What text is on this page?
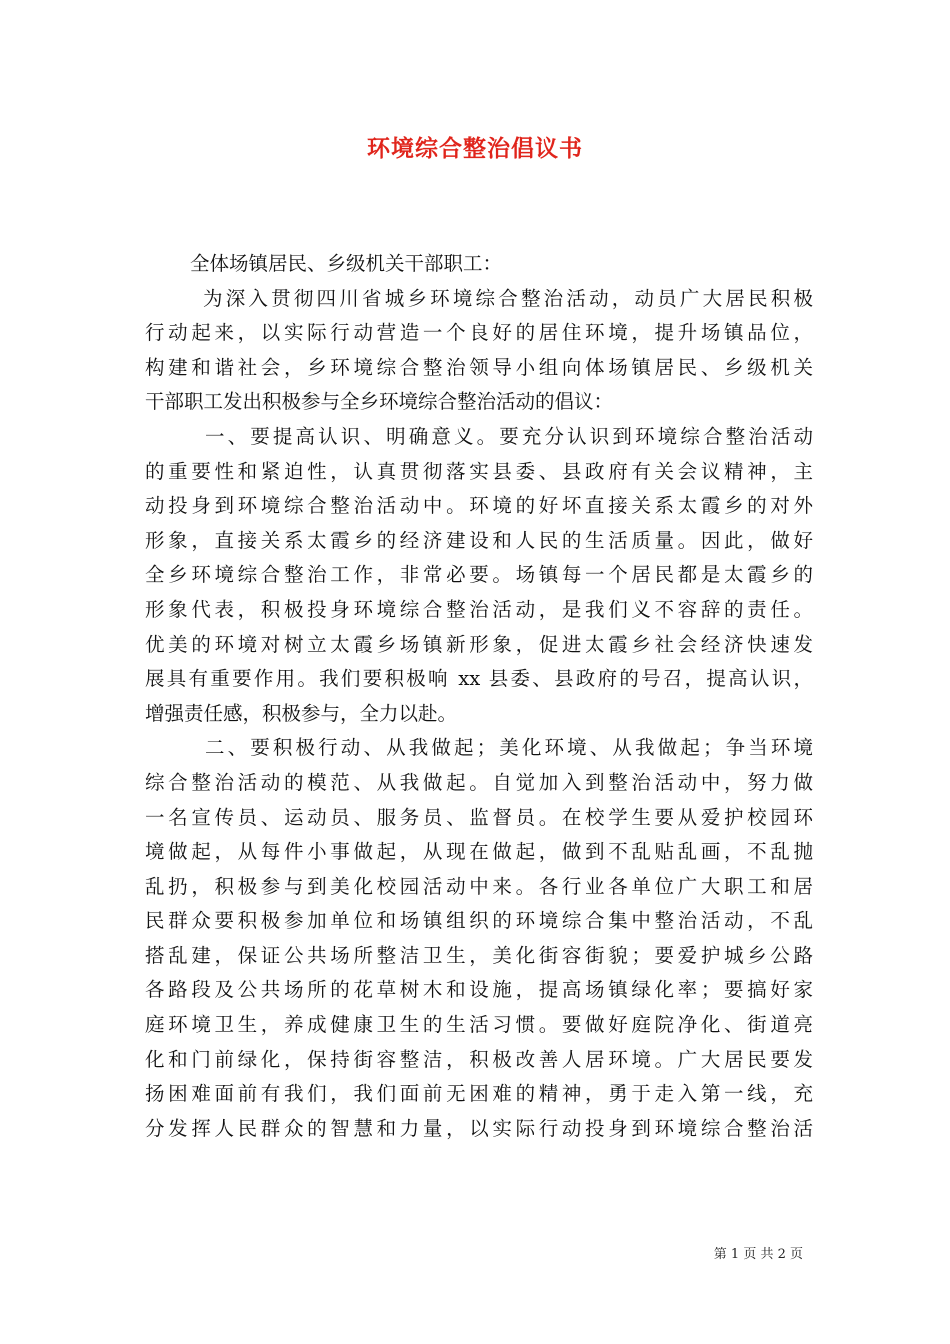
环境综合整治倡议书
全体场镇居民、乡级机关干部职工：
为深入贯彻四川省城乡环境综合整治活动，动员广大居民积极
行动起来，以实际行动营造一个良好的居住环境，提升场镇品位，
构建和谐社会，乡环境综合整治领导小组向体场镇居民、乡级机关
干部职工发出积极参与全乡环境综合整治活动的倡议：
一、要提高认识、明确意义。要充分认识到环境综合整治活动
的重要性和紧迫性，认真贯彻落实县委、县政府有关会议精神，主
动投身到环境综合整治活动中。环境的好坏直接关系太霞乡的对外
形象，直接关系太霞乡的经济建设和人民的生活质量。因此，做好
全乡环境综合整治工作，非常必要。场镇每一个居民都是太霞乡的
形象代表，积极投身环境综合整治活动，是我们义不容辞的责任。
优美的环境对树立太霞乡场镇新形象，促进太霞乡社会经济快速发
展具有重要作用。我们要积极响 xx 县委、县政府的号召，提高认识，
增强责任感，积极参与，全力以赴。
二、要积极行动、从我做起；美化环境、从我做起；争当环境
综合整治活动的模范、从我做起。自觉加入到整治活动中，努力做
一名宣传员、运动员、服务员、监督员。在校学生要从爱护校园环
境做起，从每件小事做起，从现在做起，做到不乱贴乱画，不乱抛
乱扔，积极参与到美化校园活动中来。各行业各单位广大职工和居
民群众要积极参加单位和场镇组织的环境综合集中整治活动，不乱
搭乱建，保证公共场所整洁卫生，美化街容街貌；要爱护城乡公路
各路段及公共场所的花草树木和设施，提高场镇绿化率；要搞好家
庭环境卫生，养成健康卫生的生活习惯。要做好庭院净化、街道亮
化和门前绿化，保持街容整洁，积极改善人居环境。广大居民要发
扬困难面前有我们，我们面前无困难的精神，勇于走入第一线，充
分发挥人民群众的智慧和力量，以实际行动投身到环境综合整治活
第 1 页 共 2 页
